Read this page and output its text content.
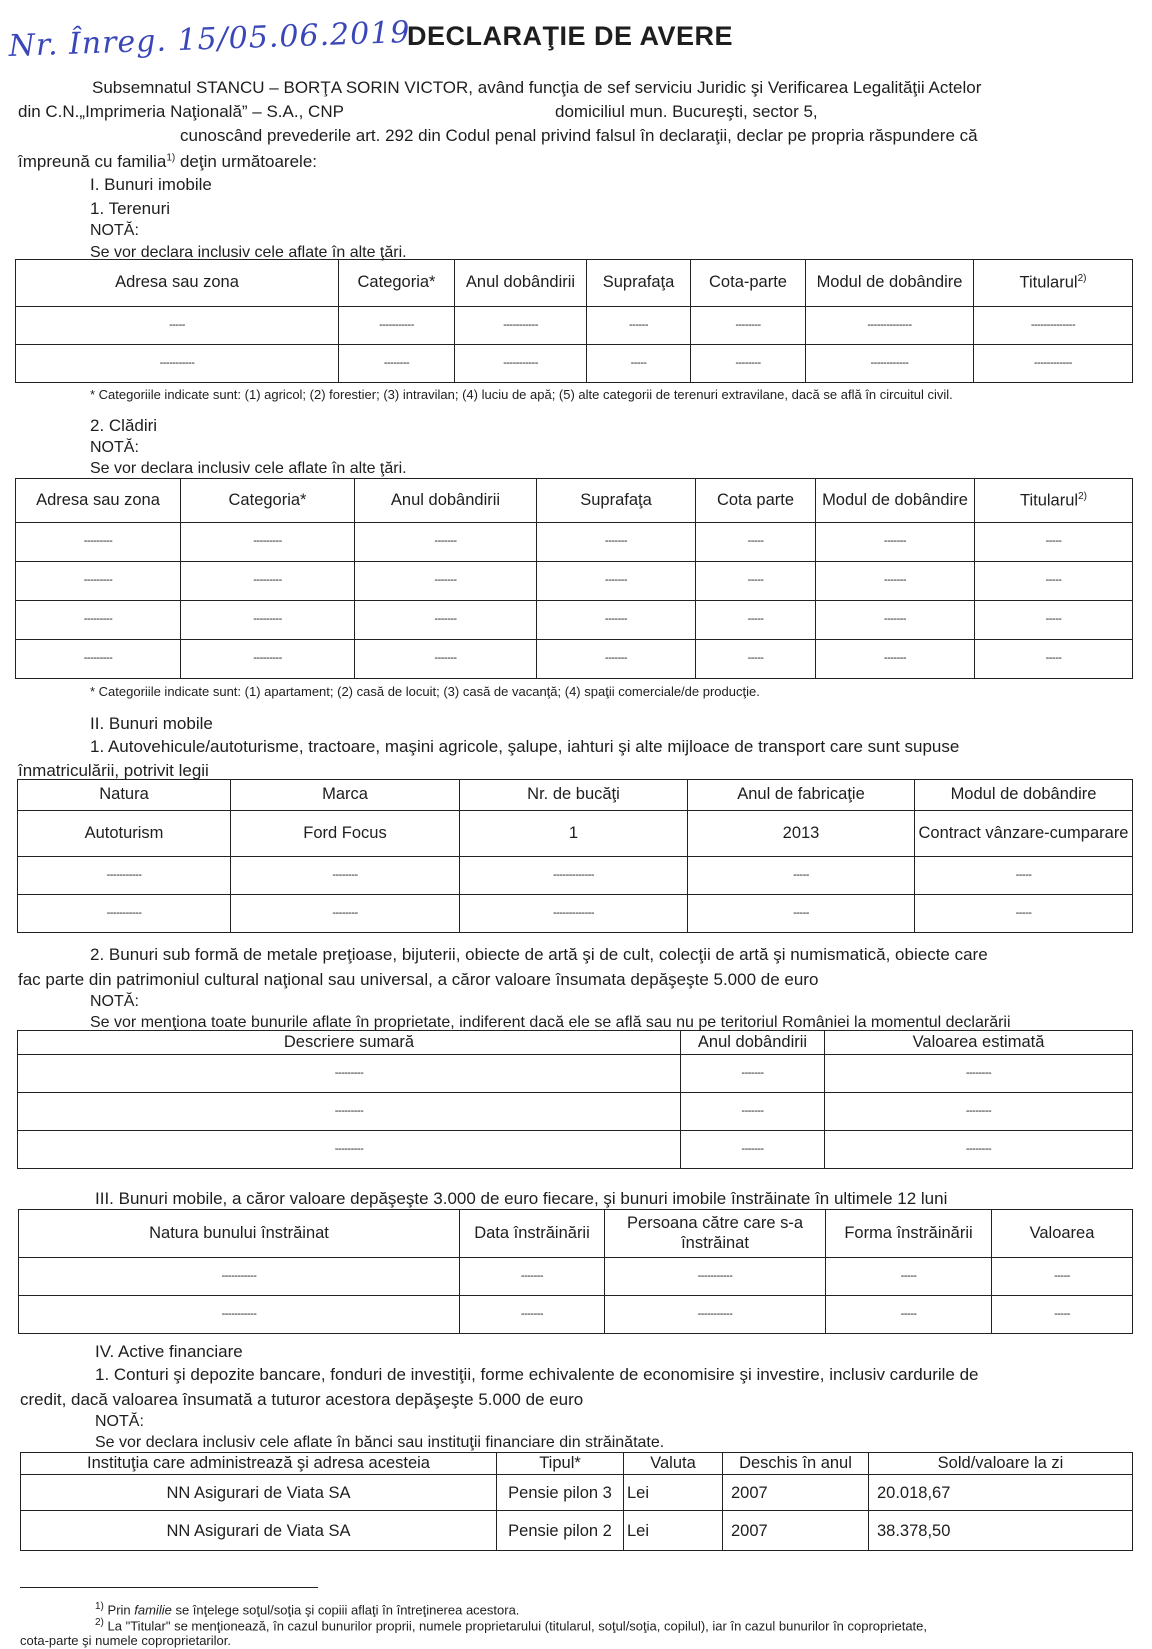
Nr. Înreg. 15/05.06.2019
DECLARAŢIE DE AVERE
Subsemnatul STANCU – BORŢA SORIN VICTOR, având funcţia de sef serviciu Juridic şi Verificarea Legalităţii Actelor
din C.N.„Imprimeria Naţională” – S.A., CNP	domiciliul mun. Bucureşti, sector 5,
cunoscând prevederile art. 292 din Codul penal privind falsul în declaraţii, declar pe propria răspundere că
împreună cu familia$^{1)}$ deţin următoarele:
I. Bunuri imobile
1. Terenuri
NOTĂ:
Se vor declara inclusiv cele aflate în alte ţări.
Adresa sau zona	Categoria*	Anul dobândirii	Suprafaţa	Cota-parte	Modul de dobândire	Titularul$^{2)}$
-----	-----------	-----------	------	--------	--------------	--------------
-----------	--------	-----------	-----	--------	------------	------------
* Categoriile indicate sunt: (1) agricol; (2) forestier; (3) intravilan; (4) luciu de apă; (5) alte categorii de terenuri extravilane, dacă se află în circuitul civil.
2. Clădiri
NOTĂ:
Se vor declara inclusiv cele aflate în alte ţări.
Adresa sau zona	Categoria*	Anul dobândirii	Suprafaţa	Cota parte	Modul de dobândire	Titularul$^{2)}$
---------	---------	-------	-------	-----	-------	-----
---------	---------	-------	-------	-----	-------	-----
---------	---------	-------	-------	-----	-------	-----
---------	---------	-------	-------	-----	-------	-----
* Categoriile indicate sunt: (1) apartament; (2) casă de locuit; (3) casă de vacanţă; (4) spaţii comerciale/de producţie.
II. Bunuri mobile
1. Autovehicule/autoturisme, tractoare, maşini agricole, şalupe, iahturi şi alte mijloace de transport care sunt supuse
înmatriculării, potrivit legii
Natura	Marca	Nr. de bucăţi	Anul de fabricaţie	Modul de dobândire
Autoturism	Ford Focus	1	2013	Contract vânzare-cumparare
-----------	--------	-------------	-----	-----
-----------	--------	-------------	-----	-----
2. Bunuri sub formă de metale preţioase, bijuterii, obiecte de artă şi de cult, colecţii de artă şi numismatică, obiecte care
fac parte din patrimoniul cultural naţional sau universal, a căror valoare însumata depăşeşte 5.000 de euro
NOTĂ:
Se vor menţiona toate bunurile aflate în proprietate, indiferent dacă ele se află sau nu pe teritoriul României la momentul declarării
Descriere sumară	Anul dobândirii	Valoarea estimată
---------	-------	--------
---------	-------	--------
---------	-------	--------
III. Bunuri mobile, a căror valoare depăşeşte 3.000 de euro fiecare, şi bunuri imobile înstrăinate în ultimele 12 luni
Natura bunului înstrăinat	Data înstrăinării	Persoana către care s-a înstrăinat	Forma înstrăinării	Valoarea
-----------	-------	-----------	-----	-----
-----------	-------	-----------	-----	-----
IV. Active financiare
1. Conturi şi depozite bancare, fonduri de investiţii, forme echivalente de economisire şi investire, inclusiv cardurile de
credit, dacă valoarea însumată a tuturor acestora depăşeşte 5.000 de euro
NOTĂ:
Se vor declara inclusiv cele aflate în bănci sau instituţii financiare din străinătate.
Instituţia care administrează şi adresa acesteia	Tipul*	Valuta	Deschis în anul	Sold/valoare la zi
NN Asigurari de Viata SA	Pensie pilon 3	Lei	2007	20.018,67
NN Asigurari de Viata SA	Pensie pilon 2	Lei	2007	38.378,50
$^{1)}$ Prin familie se înţelege soţul/soţia şi copiii aflaţi în întreţinerea acestora.
$^{2)}$ La "Titular" se menţionează, în cazul bunurilor proprii, numele proprietarului (titularul, soţul/soţia, copilul), iar în cazul bunurilor în coproprietate,
cota-parte şi numele coproprietarilor.
